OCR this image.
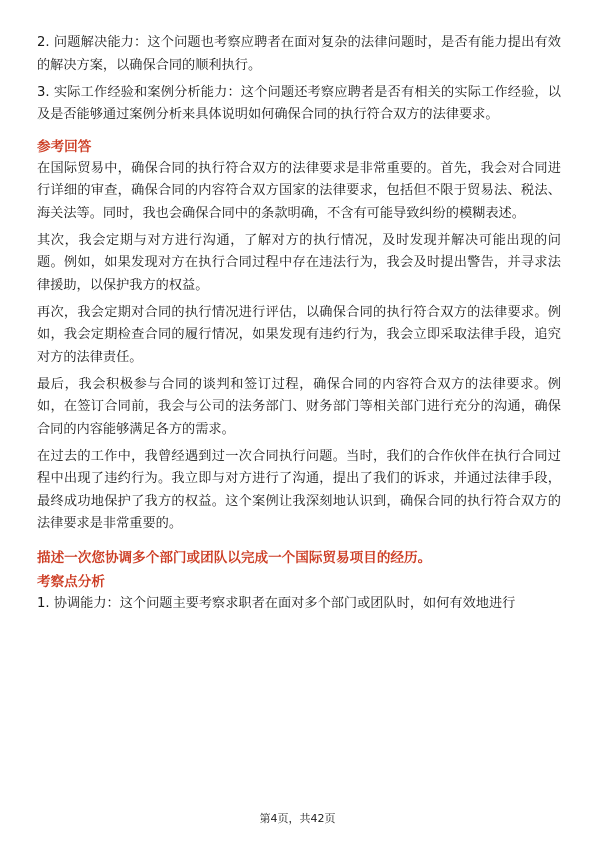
2. 问题解决能力：这个问题也考察应聘者在面对复杂的法律问题时，是否有能力提出有效的解决方案，以确保合同的顺利执行。

3. 实际工作经验和案例分析能力：这个问题还考察应聘者是否有相关的实际工作经验，以及是否能够通过案例分析来具体说明如何确保合同的执行符合双方的法律要求。

参考回答

在国际贸易中，确保合同的执行符合双方的法律要求是非常重要的。首先，我会对合同进行详细的审查，确保合同的内容符合双方国家的法律要求，包括但不限于贸易法、税法、海关法等。同时，我也会确保合同中的条款明确，不含有可能导致纠纷的模糊表述。

其次，我会定期与对方进行沟通，了解对方的执行情况，及时发现并解决可能出现的问题。例如，如果发现对方在执行合同过程中存在违法行为，我会及时提出警告，并寻求法律援助，以保护我方的权益。

再次，我会定期对合同的执行情况进行评估，以确保合同的执行符合双方的法律要求。例如，我会定期检查合同的履行情况，如果发现有违约行为，我会立即采取法律手段，追究对方的法律责任。

最后，我会积极参与合同的谈判和签订过程，确保合同的内容符合双方的法律要求。例如，在签订合同前，我会与公司的法务部门、财务部门等相关部门进行充分的沟通，确保合同的内容能够满足各方的需求。

在过去的工作中，我曾经遇到过一次合同执行问题。当时，我们的合作伙伴在执行合同过程中出现了违约行为。我立即与对方进行了沟通，提出了我们的诉求，并通过法律手段，最终成功地保护了我方的权益。这个案例让我深刻地认识到，确保合同的执行符合双方的法律要求是非常重要的。

描述一次您协调多个部门或团队以完成一个国际贸易项目的经历。
考察点分析

1. 协调能力：这个问题主要考察求职者在面对多个部门或团队时，如何有效地进行

第4页，共42页
